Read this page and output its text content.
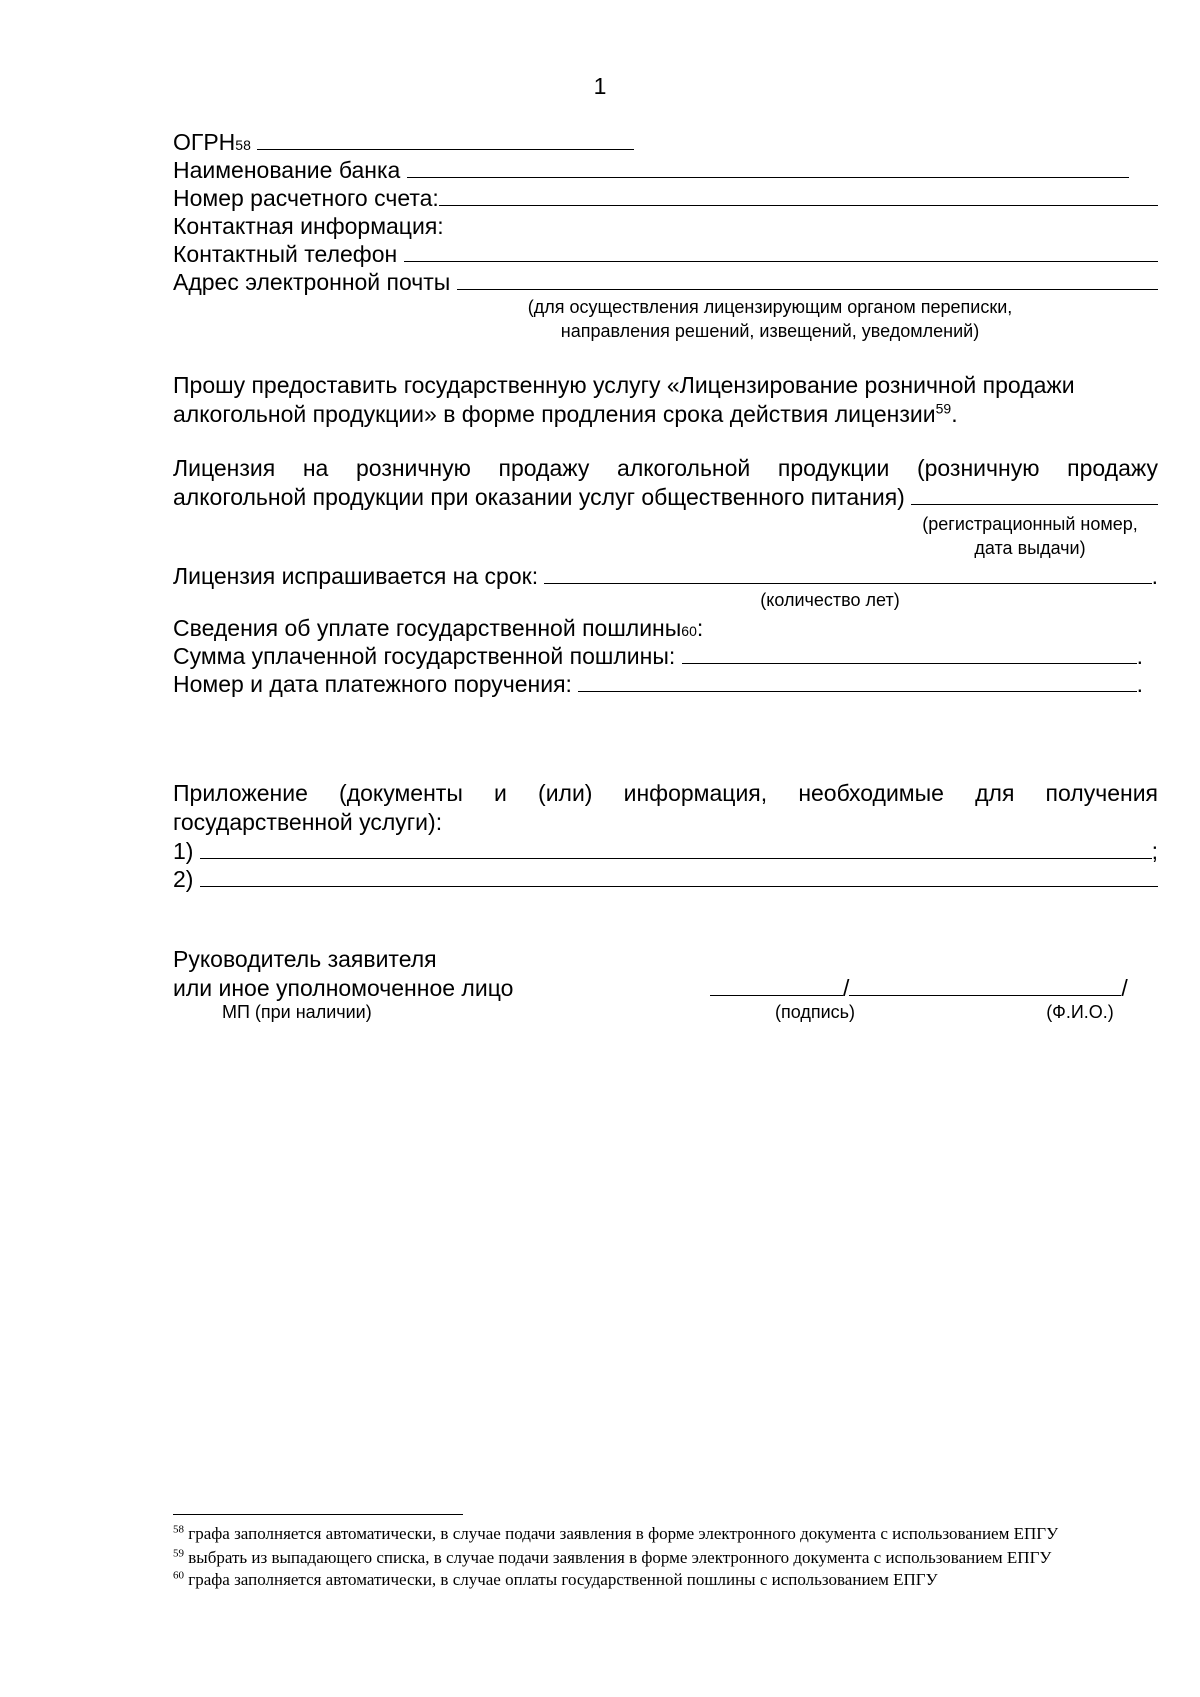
1
ОГРН 58

Наименование банка

Номер расчетного счета:
Контактная информация:
Контактный телефон

Адрес электронной почты

(для осуществления лицензирующим органом переписки,
направления решений, извещений, уведомлений)
Прошу предоставить государственную услугу «Лицензирование розничной продажи
алкогольной продукции» в форме продления срока действия лицензии$^{59}$.
Лицензия на розничную продажу алкогольной продукции (розничную продажу
алкогольной продукции при оказании услуг общественного питания)

(регистрационный номер,
дата выдачи)
Лицензия испрашивается на срок:
	.
(количество лет)
Сведения об уплате государственной пошлины 60 :
Сумма уплаченной государственной пошлины:
	.
Номер и дата платежного поручения:
	.
Приложение (документы и (или) информация, необходимые для получения
государственной услуги):
1)
	;
2)

Руководитель заявителя
или иное уполномоченное лицо	/	/
МП (при наличии)	(подпись)	(Ф.И.О.)
$^{58}$ графа заполняется автоматически, в случае подачи заявления в форме электронного документа с использованием ЕПГУ
$^{59}$ выбрать из выпадающего списка, в случае подачи заявления в форме электронного документа с использованием ЕПГУ
$^{60}$ графа заполняется автоматически, в случае оплаты государственной пошлины с использованием ЕПГУ
